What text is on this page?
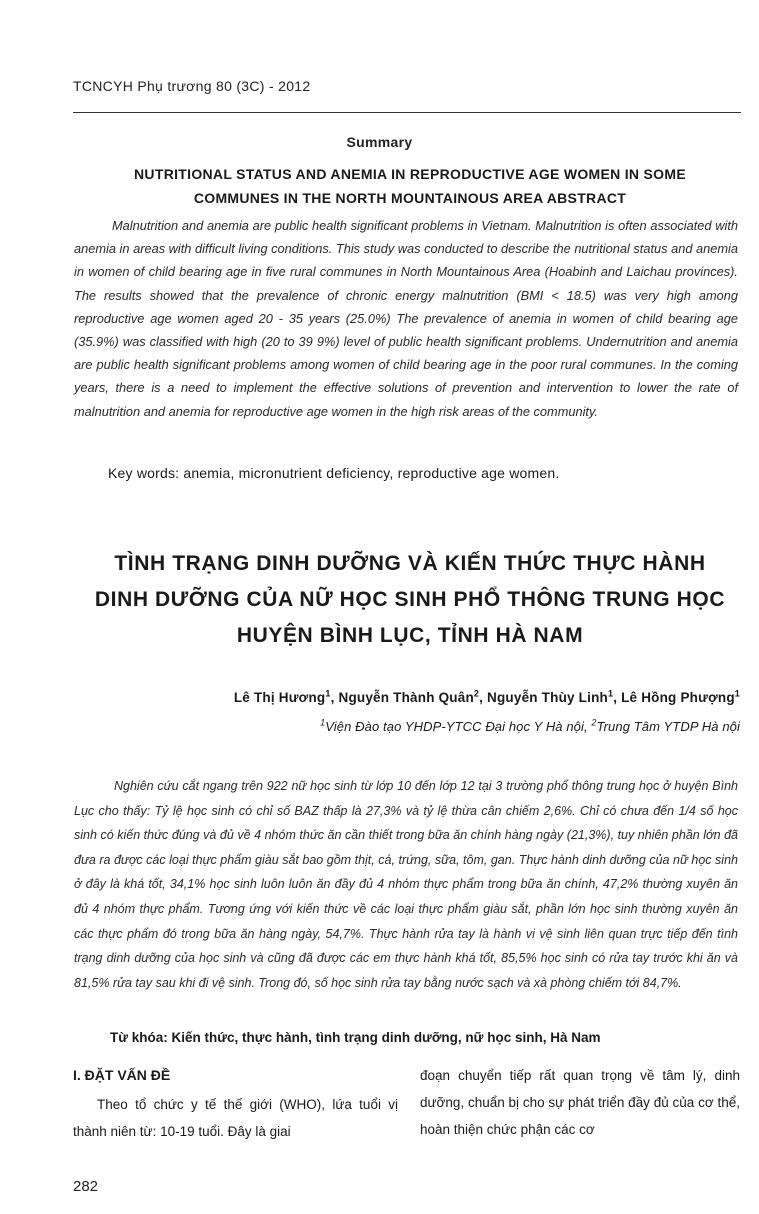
TCNCYH Phụ trương 80 (3C) - 2012
Summary
NUTRITIONAL STATUS AND ANEMIA IN REPRODUCTIVE AGE WOMEN IN SOME COMMUNES IN THE NORTH MOUNTAINOUS AREA ABSTRACT
Malnutrition and anemia are public health significant problems in Vietnam. Malnutrition is often associated with anemia in areas with difficult living conditions. This study was conducted to describe the nutritional status and anemia in women of child bearing age in five rural communes in North Mountainous Area (Hoabinh and Laichau provinces). The results showed that the prevalence of chronic energy malnutrition (BMI < 18.5) was very high among reproductive age women aged 20 - 35 years (25.0%) The prevalence of anemia in women of child bearing age (35.9%) was classified with high (20 to 39 9%) level of public health significant problems. Undernutrition and anemia are public health significant problems among women of child bearing age in the poor rural communes. In the coming years, there is a need to implement the effective solutions of prevention and intervention to lower the rate of malnutrition and anemia for reproductive age women in the high risk areas of the community.
Key words: anemia, micronutrient deficiency, reproductive age women.
TÌNH TRẠNG DINH DƯỠNG VÀ KIẾN THỨC THỰC HÀNH
DINH DƯỠNG CỦA NỮ HỌC SINH PHỔ THÔNG TRUNG HỌC
HUYỆN BÌNH LỤC, TỈNH HÀ NAM
Lê Thị Hương$^1$, Nguyễn Thành Quân$^2$, Nguyễn Thùy Linh$^1$, Lê Hồng Phượng$^1$
$^1$Viện Đào tạo YHDP-YTCC Đại học Y Hà nội, $^2$Trung Tâm YTDP Hà nội
Nghiên cứu cắt ngang trên 922 nữ học sinh từ lớp 10 đến lớp 12 tại 3 trường phổ thông trung học ở huyện Bình Lục cho thấy: Tỷ lệ học sinh có chỉ số BAZ thấp là 27,3% và tỷ lệ thừa cân chiếm 2,6%. Chỉ có chưa đến 1/4 số học sinh có kiến thức đúng và đủ về 4 nhóm thức ăn cần thiết trong bữa ăn chính hàng ngày (21,3%), tuy nhiên phần lớn đã đưa ra được các loại thực phẩm giàu sắt bao gồm thịt, cá, trứng, sữa, tôm, gan. Thực hành dinh dưỡng của nữ học sinh ở đây là khá tốt, 34,1% học sinh luôn luôn ăn đầy đủ 4 nhóm thực phẩm trong bữa ăn chính, 47,2% thường xuyên ăn đủ 4 nhóm thực phẩm. Tương ứng với kiến thức về các loại thực phẩm giàu sắt, phần lớn học sinh thường xuyên ăn các thực phẩm đó trong bữa ăn hàng ngày, 54,7%. Thực hành rửa tay là hành vi vệ sinh liên quan trực tiếp đến tình trạng dinh dưỡng của học sinh và cũng đã được các em thực hành khá tốt, 85,5% học sinh có rửa tay trước khi ăn và 81,5% rửa tay sau khi đi vệ sinh. Trong đó, số học sinh rửa tay bằng nước sạch và xà phòng chiếm tới 84,7%.
Từ khóa: Kiến thức, thực hành, tình trạng dinh dưỡng, nữ học sinh, Hà Nam
I. ĐẶT VẤN ĐỀ
Theo tổ chức y tế thế giới (WHO), lứa tuổi vị thành niên từ: 10-19 tuổi. Đây là giai
đoạn chuyển tiếp rất quan trọng về tâm lý, dinh dưỡng, chuẩn bị cho sự phát triển đầy đủ của cơ thể, hoàn thiện chức phận các cơ
282
